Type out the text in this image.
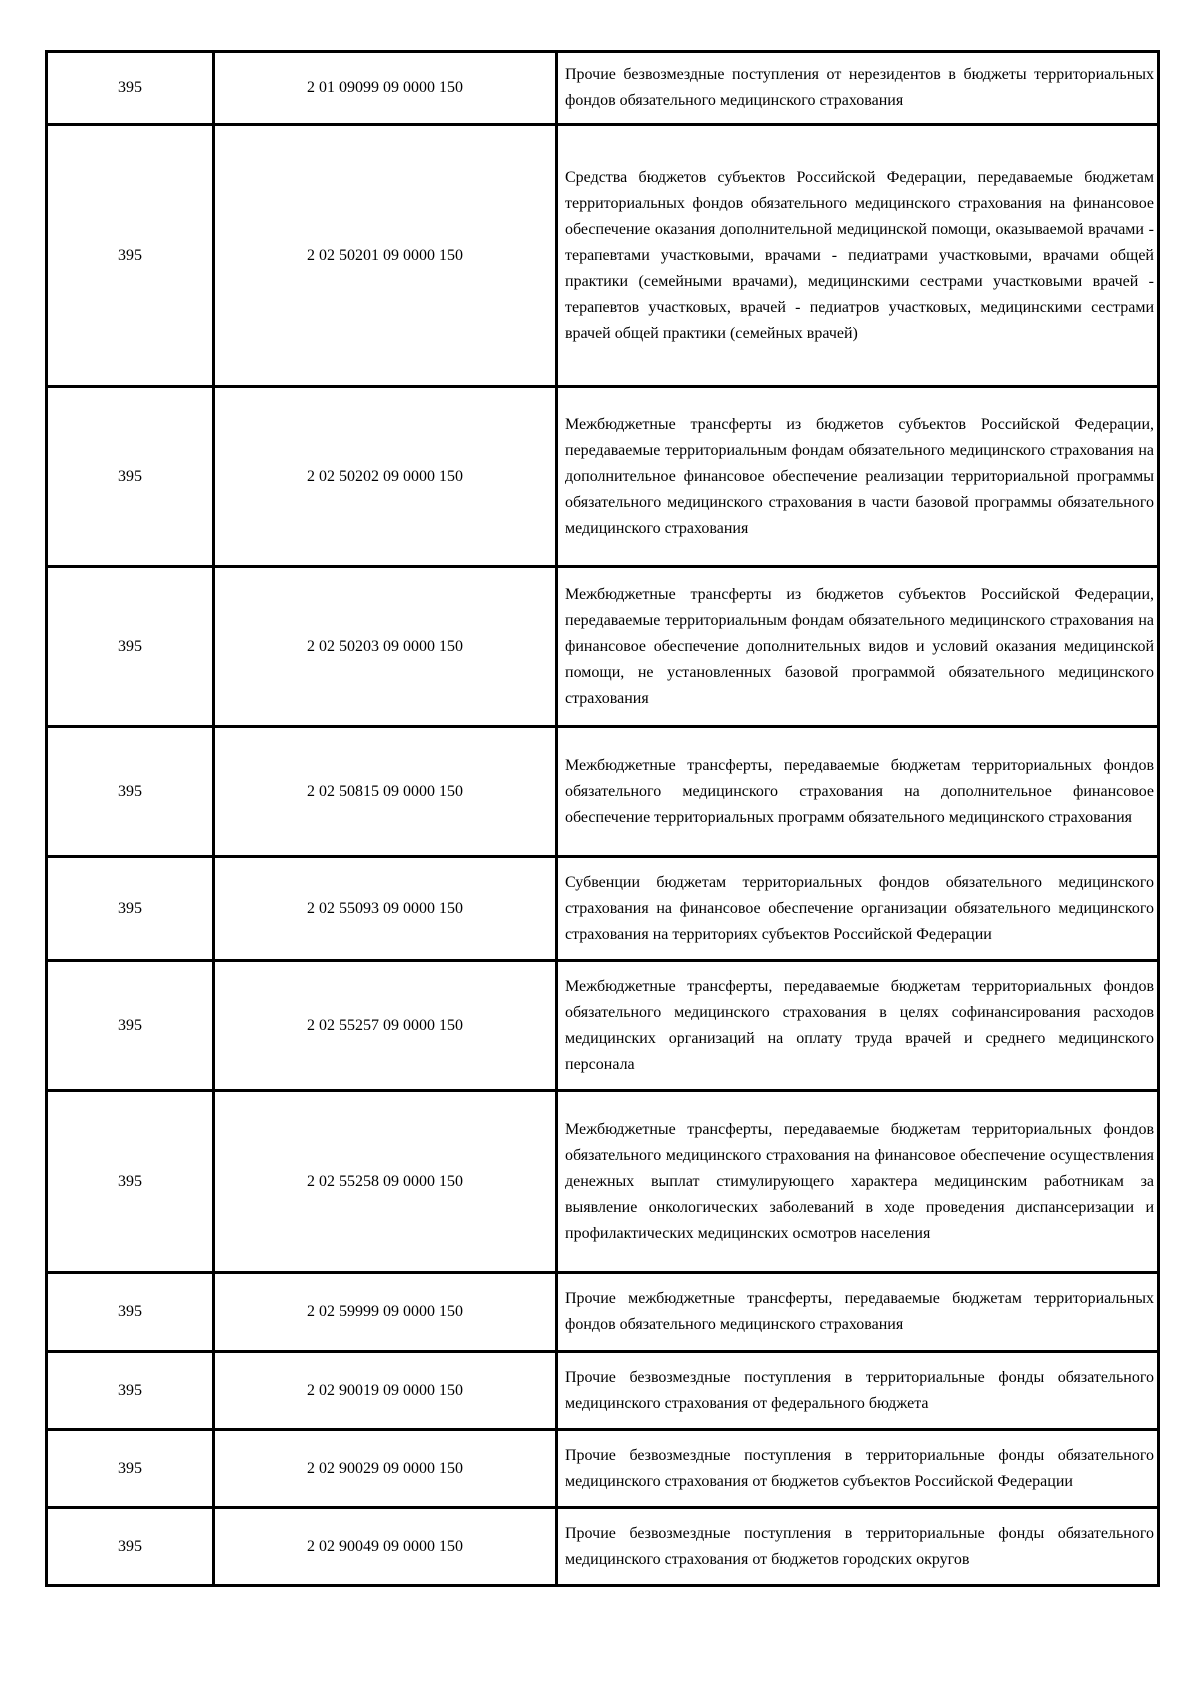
395	2 01 09099 09 0000 150	Прочие безвозмездные поступления от нерезидентов в бюджеты территориальных фондов обязательного медицинского страхования
395	2 02 50201 09 0000 150	Средства бюджетов субъектов Российской Федерации, передаваемые бюджетам территориальных фондов обязательного медицинского страхования на финансовое обеспечение оказания дополнительной медицинской помощи, оказываемой врачами - терапевтами участковыми, врачами - педиатрами участковыми, врачами общей практики (семейными врачами), медицинскими сестрами участковыми врачей - терапевтов участковых, врачей - педиатров участковых, медицинскими сестрами врачей общей практики (семейных врачей)
395	2 02 50202 09 0000 150	Межбюджетные трансферты из бюджетов субъектов Российской Федерации, передаваемые территориальным фондам обязательного медицинского страхования на дополнительное финансовое обеспечение реализации территориальной программы обязательного медицинского страхования в части базовой программы обязательного медицинского страхования
395	2 02 50203 09 0000 150	Межбюджетные трансферты из бюджетов субъектов Российской Федерации, передаваемые территориальным фондам обязательного медицинского страхования на финансовое обеспечение дополнительных видов и условий оказания медицинской помощи, не установленных базовой программой обязательного медицинского страхования
395	2 02 50815 09 0000 150	Межбюджетные трансферты, передаваемые бюджетам территориальных фондов обязательного медицинского страхования на дополнительное финансовое обеспечение территориальных программ обязательного медицинского страхования
395	2 02 55093 09 0000 150	Субвенции бюджетам территориальных фондов обязательного медицинского страхования на финансовое обеспечение организации обязательного медицинского страхования на территориях субъектов Российской Федерации
395	2 02 55257 09 0000 150	Межбюджетные трансферты, передаваемые бюджетам территориальных фондов обязательного медицинского страхования в целях софинансирования расходов медицинских организаций на оплату труда врачей и среднего медицинского персонала
395	2 02 55258 09 0000 150	Межбюджетные трансферты, передаваемые бюджетам территориальных фондов обязательного медицинского страхования на финансовое обеспечение осуществления денежных выплат стимулирующего характера медицинским работникам за выявление онкологических заболеваний в ходе проведения диспансеризации и профилактических медицинских осмотров населения
395	2 02 59999 09 0000 150	Прочие межбюджетные трансферты, передаваемые бюджетам территориальных фондов обязательного медицинского страхования
395	2 02 90019 09 0000 150	Прочие безвозмездные поступления в территориальные фонды обязательного медицинского страхования от федерального бюджета
395	2 02 90029 09 0000 150	Прочие безвозмездные поступления в территориальные фонды обязательного медицинского страхования от бюджетов субъектов Российской Федерации
395	2 02 90049 09 0000 150	Прочие безвозмездные поступления в территориальные фонды обязательного медицинского страхования от бюджетов городских округов
